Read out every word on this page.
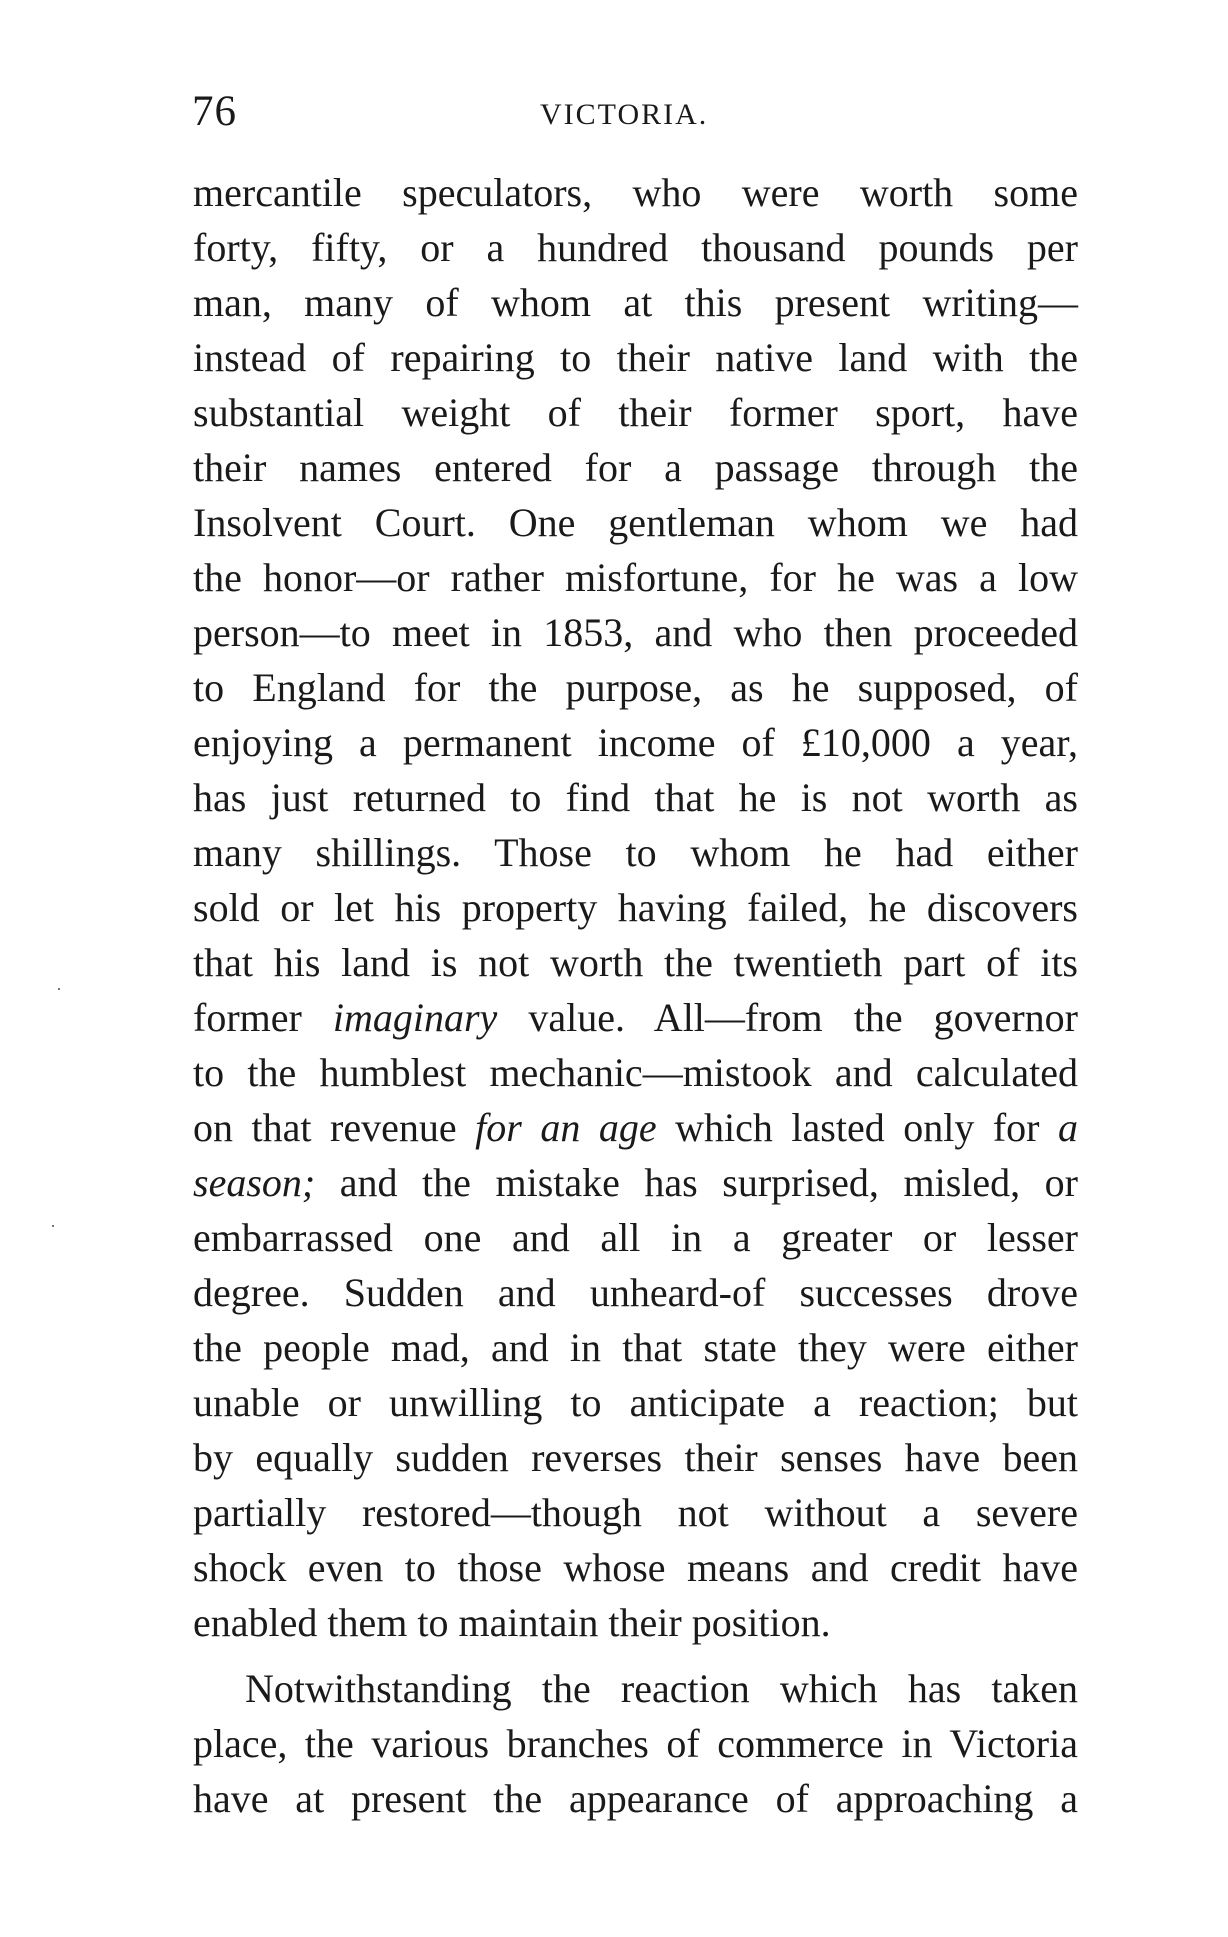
76	VICTORIA.
mercantile speculators, who were worth some
forty, fifty, or a hundred thousand pounds per
man, many of whom at this present writing—
instead of repairing to their native land with the
substantial weight of their former sport, have
their names entered for a passage through the
Insolvent Court. One gentleman whom we had
the honor—or rather misfortune, for he was a low
person—to meet in 1853, and who then proceeded
to England for the purpose, as he supposed, of
enjoying a permanent income of £10,000 a year,
has just returned to find that he is not worth as
many shillings. Those to whom he had either
sold or let his property having failed, he discovers
that his land is not worth the twentieth part of its
former imaginary value. All—from the governor
to the humblest mechanic—mistook and calculated
on that revenue for an age which lasted only for a
season; and the mistake has surprised, misled, or
embarrassed one and all in a greater or lesser
degree. Sudden and unheard-of successes drove
the people mad, and in that state they were either
unable or unwilling to anticipate a reaction; but
by equally sudden reverses their senses have been
partially restored—though not without a severe
shock even to those whose means and credit have
enabled them to maintain their position.
Notwithstanding the reaction which has taken
place, the various branches of commerce in Victoria
have at present the appearance of approaching a
